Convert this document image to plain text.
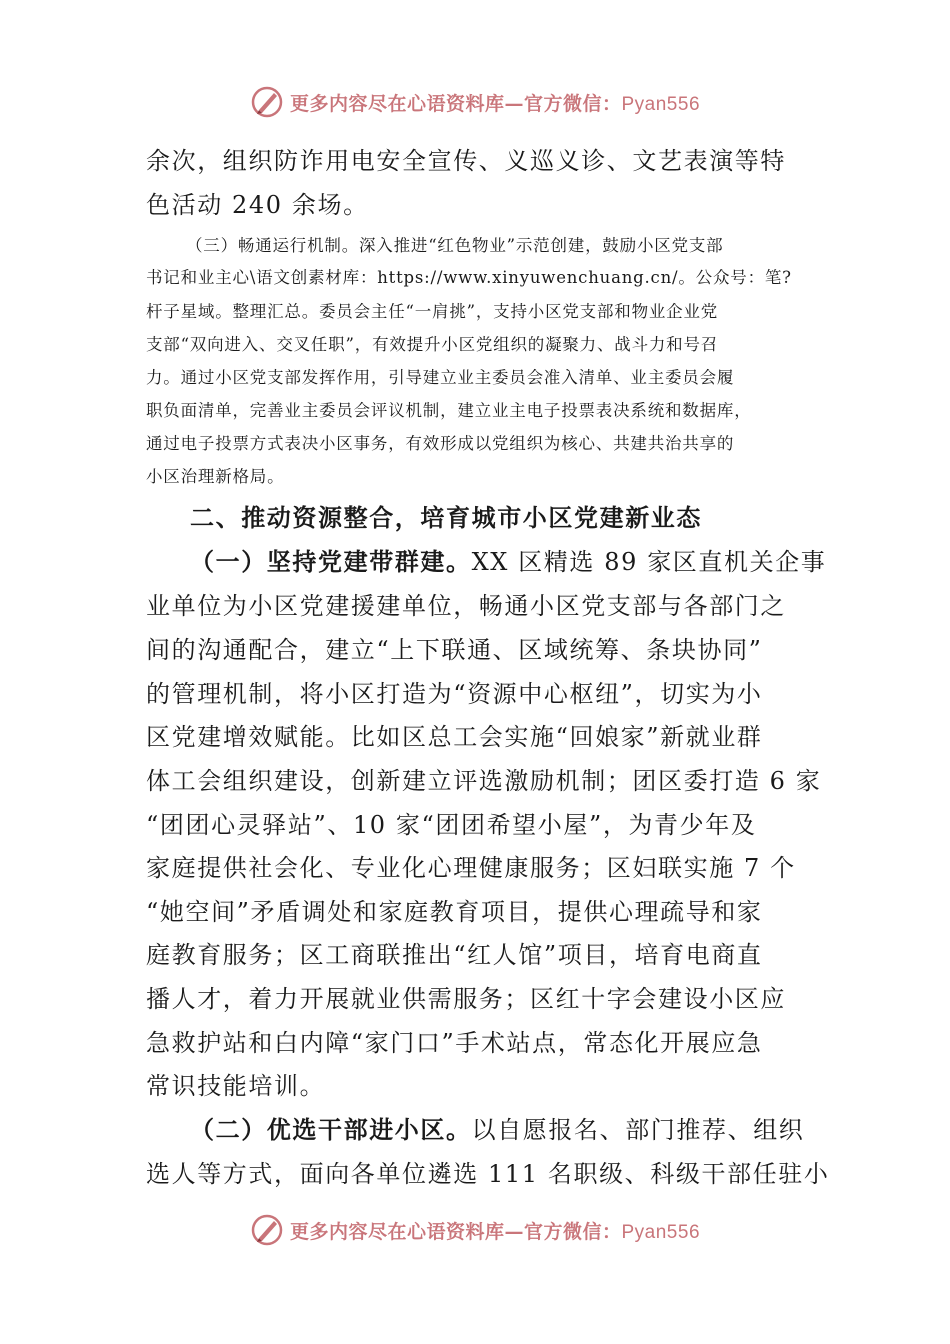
更多内容尽在心语资料库—官方微信：Pyan556
余次，组织防诈用电安全宣传、义巡义诊、文艺表演等特
色活动 240 余场。
（三）畅通运行机制。深入推进“红色物业”示范创建，鼓励小区党支部
书记和业主心\语文创素材库：https://www.xinyuwenchuang.cn/。公众号：笔?
杆子星域。整理汇总。委员会主任“一肩挑”，支持小区党支部和物业企业党
支部“双向进入、交叉任职”，有效提升小区党组织的凝聚力、战斗力和号召
力。通过小区党支部发挥作用，引导建立业主委员会准入清单、业主委员会履
职负面清单，完善业主委员会评议机制，建立业主电子投票表决系统和数据库，
通过电子投票方式表决小区事务，有效形成以党组织为核心、共建共治共享的
小区治理新格局。
二、推动资源整合，培育城市小区党建新业态
（一）坚持党建带群建。XX 区精选 89 家区直机关企事
业单位为小区党建援建单位，畅通小区党支部与各部门之
间的沟通配合，建立“上下联通、区域统筹、条块协同”
的管理机制，将小区打造为“资源中心枢纽”，切实为小
区党建增效赋能。比如区总工会实施“回娘家”新就业群
体工会组织建设，创新建立评选激励机制；团区委打造 6 家
“团团心灵驿站”、10 家“团团希望小屋”，为青少年及
家庭提供社会化、专业化心理健康服务；区妇联实施 7 个
“她空间”矛盾调处和家庭教育项目，提供心理疏导和家
庭教育服务；区工商联推出“红人馆”项目，培育电商直
播人才，着力开展就业供需服务；区红十字会建设小区应
急救护站和白内障“家门口”手术站点，常态化开展应急
常识技能培训。
（二）优选干部进小区。以自愿报名、部门推荐、组织
选人等方式，面向各单位遴选 111 名职级、科级干部任驻小
更多内容尽在心语资料库—官方微信：Pyan556
